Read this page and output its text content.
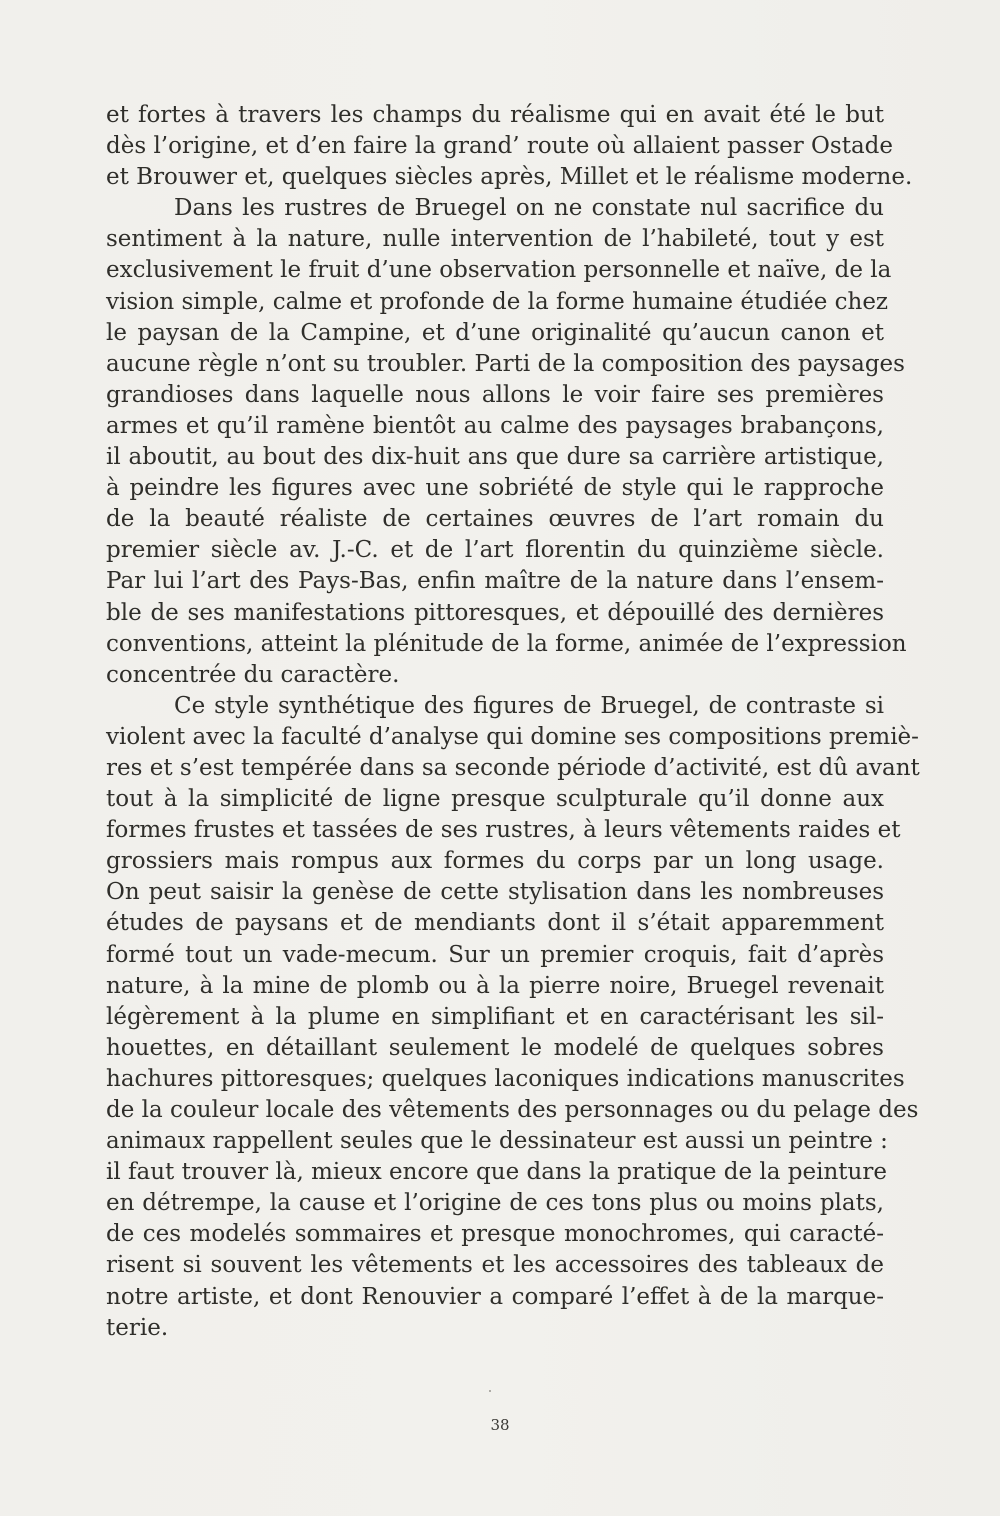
et fortes à travers les champs du réalisme qui en avait été le but
dès l’origine, et d’en faire la grand’ route où allaient passer Ostade
et Brouwer et, quelques siècles après, Millet et le réalisme moderne.
Dans les rustres de Bruegel on ne constate nul sacrifice du
sentiment à la nature, nulle intervention de l’habileté, tout y est
exclusivement le fruit d’une observation personnelle et naïve, de la
vision simple, calme et profonde de la forme humaine étudiée chez
le paysan de la Campine, et d’une originalité qu’aucun canon et
aucune règle n’ont su troubler. Parti de la composition des paysages
grandioses dans laquelle nous allons le voir faire ses premières
armes et qu’il ramène bientôt au calme des paysages brabançons,
il aboutit, au bout des dix-huit ans que dure sa carrière artistique,
à peindre les figures avec une sobriété de style qui le rapproche
de la beauté réaliste de certaines œuvres de l’art romain du
premier siècle av. J.-C. et de l’art florentin du quinzième siècle.
Par lui l’art des Pays-Bas, enfin maître de la nature dans l’ensem-
ble de ses manifestations pittoresques, et dépouillé des dernières
conventions, atteint la plénitude de la forme, animée de l’expression
concentrée du caractère.
Ce style synthétique des figures de Bruegel, de contraste si
violent avec la faculté d’analyse qui domine ses compositions premiè-
res et s’est tempérée dans sa seconde période d’activité, est dû avant
tout à la simplicité de ligne presque sculpturale qu’il donne aux
formes frustes et tassées de ses rustres, à leurs vêtements raides et
grossiers mais rompus aux formes du corps par un long usage.
On peut saisir la genèse de cette stylisation dans les nombreuses
études de paysans et de mendiants dont il s’était apparemment
formé tout un vade-mecum. Sur un premier croquis, fait d’après
nature, à la mine de plomb ou à la pierre noire, Bruegel revenait
légèrement à la plume en simplifiant et en caractérisant les sil-
houettes, en détaillant seulement le modelé de quelques sobres
hachures pittoresques; quelques laconiques indications manuscrites
de la couleur locale des vêtements des personnages ou du pelage des
animaux rappellent seules que le dessinateur est aussi un peintre :
il faut trouver là, mieux encore que dans la pratique de la peinture
en détrempe, la cause et l’origine de ces tons plus ou moins plats,
de ces modelés sommaires et presque monochromes, qui caracté-
risent si souvent les vêtements et les accessoires des tableaux de
notre artiste, et dont Renouvier a comparé l’effet à de la marque-
terie.
38
